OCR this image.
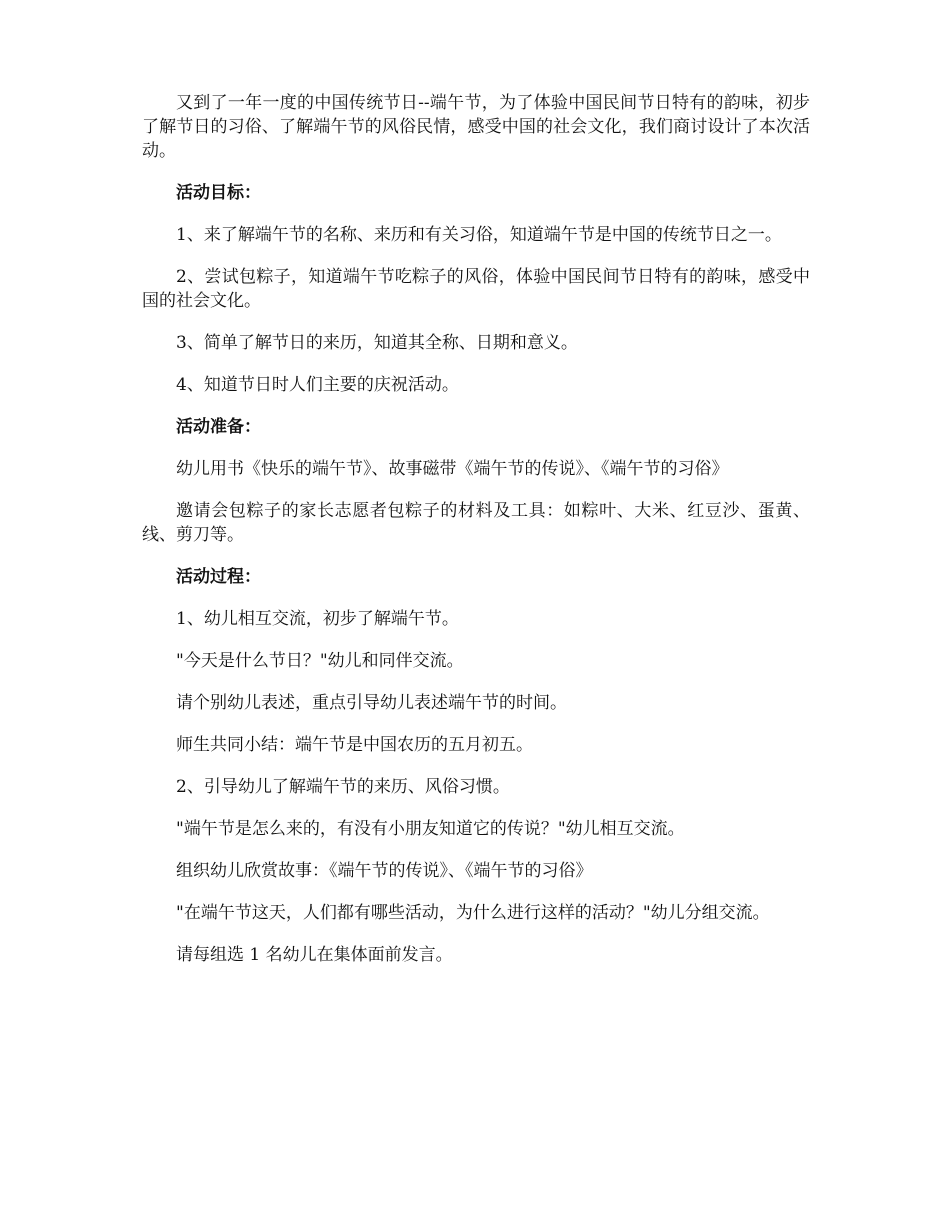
又到了一年一度的中国传统节日--端午节，为了体验中国民间节日特有的韵味，初步了解节日的习俗、了解端午节的风俗民情，感受中国的社会文化，我们商讨设计了本次活动。

活动目标：

1、来了解端午节的名称、来历和有关习俗，知道端午节是中国的传统节日之一。

2、尝试包粽子，知道端午节吃粽子的风俗，体验中国民间节日特有的韵味，感受中国的社会文化。

3、简单了解节日的来历，知道其全称、日期和意义。

4、知道节日时人们主要的庆祝活动。

活动准备：

幼儿用书《快乐的端午节》、故事磁带《端午节的传说》、《端午节的习俗》

邀请会包粽子的家长志愿者包粽子的材料及工具：如粽叶、大米、红豆沙、蛋黄、线、剪刀等。

活动过程：

1、幼儿相互交流，初步了解端午节。

"今天是什么节日？"幼儿和同伴交流。

请个别幼儿表述，重点引导幼儿表述端午节的时间。

师生共同小结：端午节是中国农历的五月初五。

2、引导幼儿了解端午节的来历、风俗习惯。

"端午节是怎么来的，有没有小朋友知道它的传说？"幼儿相互交流。

组织幼儿欣赏故事：《端午节的传说》、《端午节的习俗》

"在端午节这天，人们都有哪些活动，为什么进行这样的活动？"幼儿分组交流。

请每组选 1 名幼儿在集体面前发言。
